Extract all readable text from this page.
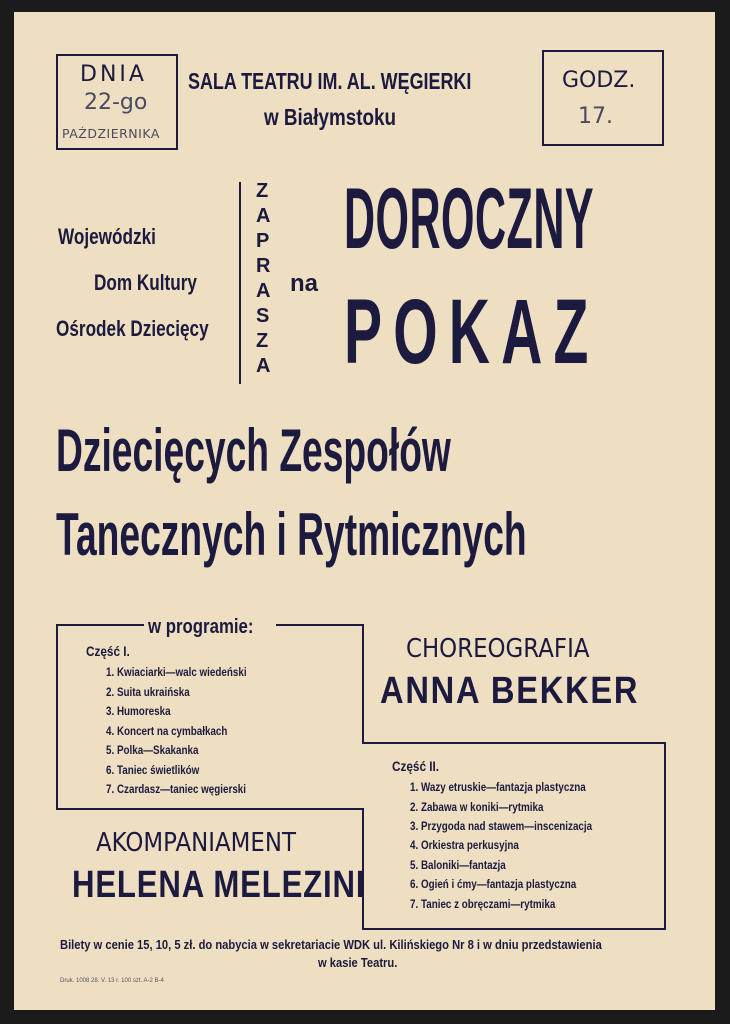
DNIA
22-go
PAŹDZIERNIKA
GODZ.
17.
SALA TEATRU IM. AL. WĘGIERKI
w Białymstoku
Wojewódzki
Dom Kultury
Ośrodek Dziecięcy
Z
A
P
R
A
S
Z
A
na
DOROCZNY
POKAZ
Dziecięcych Zespołów
Tanecznych i Rytmicznych
w programie:
Część I.
1. Kwiaciarki—walc wiedeński
2. Suita ukraińska
3. Humoreska
4. Koncert na cymbałkach
5. Polka—Skakanka
6. Taniec świetlików
7. Czardasz—taniec węgierski
CHOREOGRAFIA
ANNA BEKKER
Część II.
1. Wazy etruskie—fantazja plastyczna
2. Zabawa w koniki—rytmika
3. Przygoda nad stawem—inscenizacja
4. Orkiestra perkusyjna
5. Baloniki—fantazja
6. Ogień i ćmy—fantazja plastyczna
7. Taniec z obręczami—rytmika
AKOMPANIAMENT
HELENA MELEZINI
Bilety w cenie 15, 10, 5 zł. do nabycia w sekretariacie WDK ul. Kilińskiego Nr 8 i w dniu przedstawienia
w kasie Teatru.
Druk. 1008 28. V. 13 r. 100 szt. A-2 B-4
